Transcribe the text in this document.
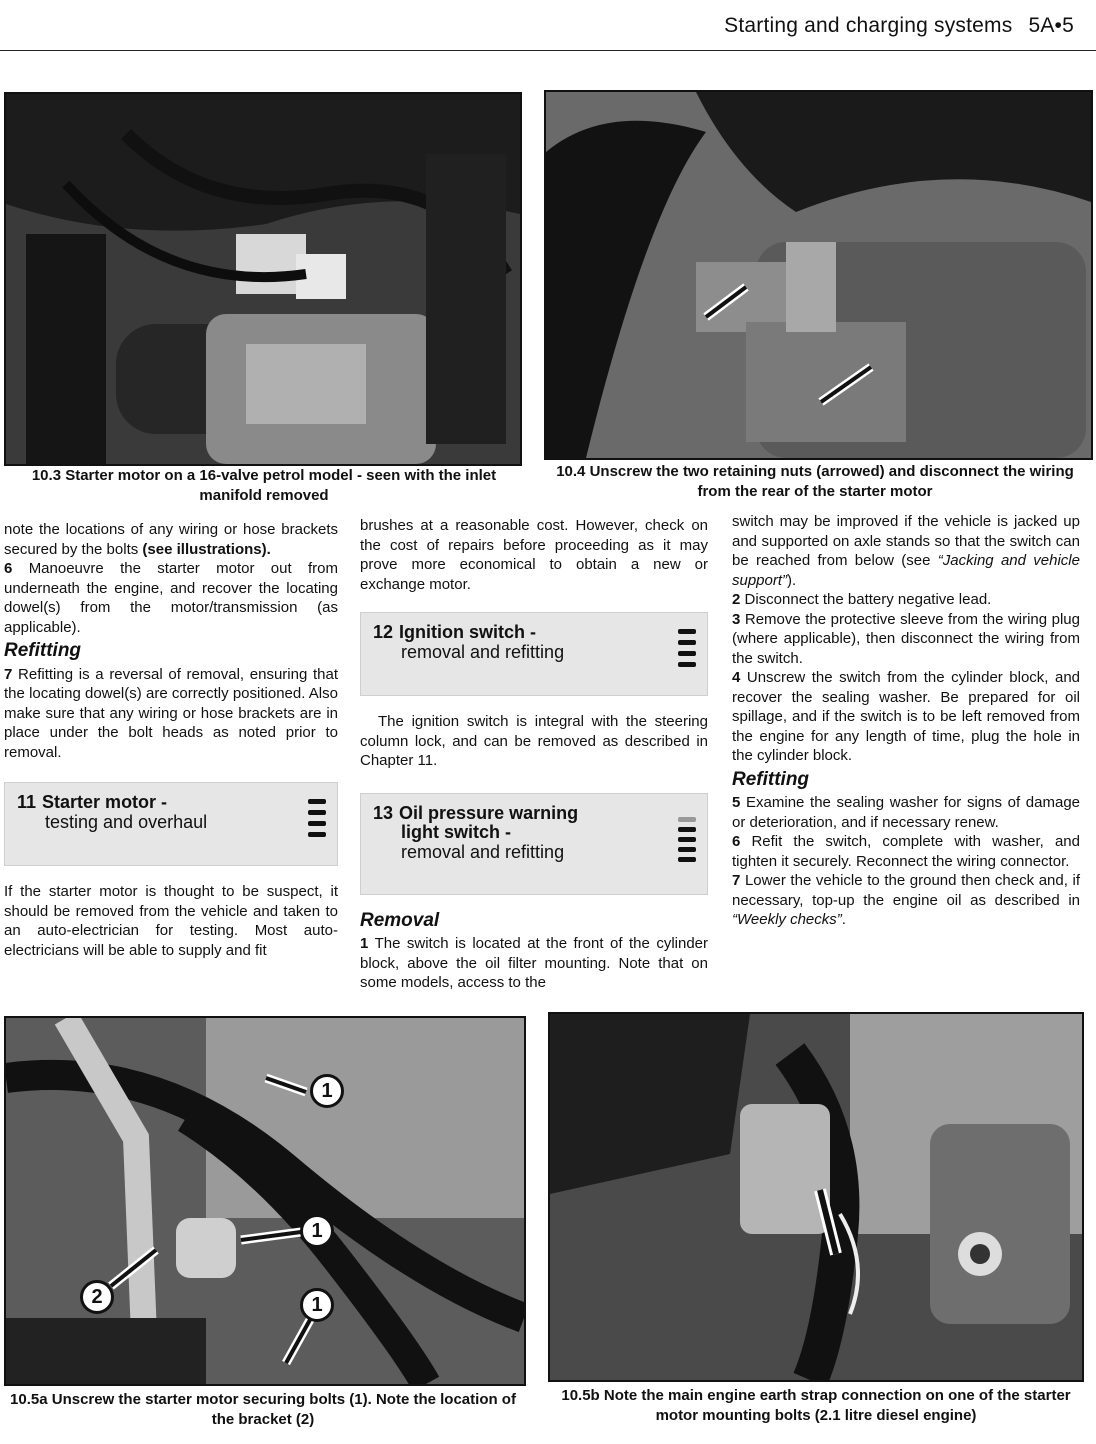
Starting and charging systems 5A•5
10.3 Starter motor on a 16-valve petrol model - seen with the inlet manifold removed
10.4 Unscrew the two retaining nuts (arrowed) and disconnect the wiring from the rear of the starter motor

note the locations of any wiring or hose brackets secured by the bolts (see illustrations).

6 Manoeuvre the starter motor out from underneath the engine, and recover the locating dowel(s) from the motor/transmission (as applicable).

Refitting

7 Refitting is a reversal of removal, ensuring that the locating dowel(s) are correctly positioned. Also make sure that any wiring or hose brackets are in place under the bolt heads as noted prior to removal.

11 Starter motor -
testing and overhaul

If the starter motor is thought to be suspect, it should be removed from the vehicle and taken to an auto-electrician for testing. Most auto-electricians will be able to supply and fit

brushes at a reasonable cost. However, check on the cost of repairs before proceeding as it may prove more economical to obtain a new or exchange motor.

12 Ignition switch -
removal and refitting

The ignition switch is integral with the steering column lock, and can be removed as described in Chapter 11.

13 Oil pressure warning
light switch -
removal and refitting
Removal

1 The switch is located at the front of the cylinder block, above the oil filter mounting. Note that on some models, access to the

switch may be improved if the vehicle is jacked up and supported on axle stands so that the switch can be reached from below (see “Jacking and vehicle support”).

2 Disconnect the battery negative lead.

3 Remove the protective sleeve from the wiring plug (where applicable), then disconnect the wiring from the switch.

4 Unscrew the switch from the cylinder block, and recover the sealing washer. Be prepared for oil spillage, and if the switch is to be left removed from the engine for any length of time, plug the hole in the cylinder block.

Refitting

5 Examine the sealing washer for signs of damage or deterioration, and if necessary renew.

6 Refit the switch, complete with washer, and tighten it securely. Reconnect the wiring connector.

7 Lower the vehicle to the ground then check and, if necessary, top-up the engine oil as described in “Weekly checks”.

1
1
1
2
10.5a Unscrew the starter motor securing bolts (1). Note the location of the bracket (2)
10.5b Note the main engine earth strap connection on one of the starter motor mounting bolts (2.1 litre diesel engine)
